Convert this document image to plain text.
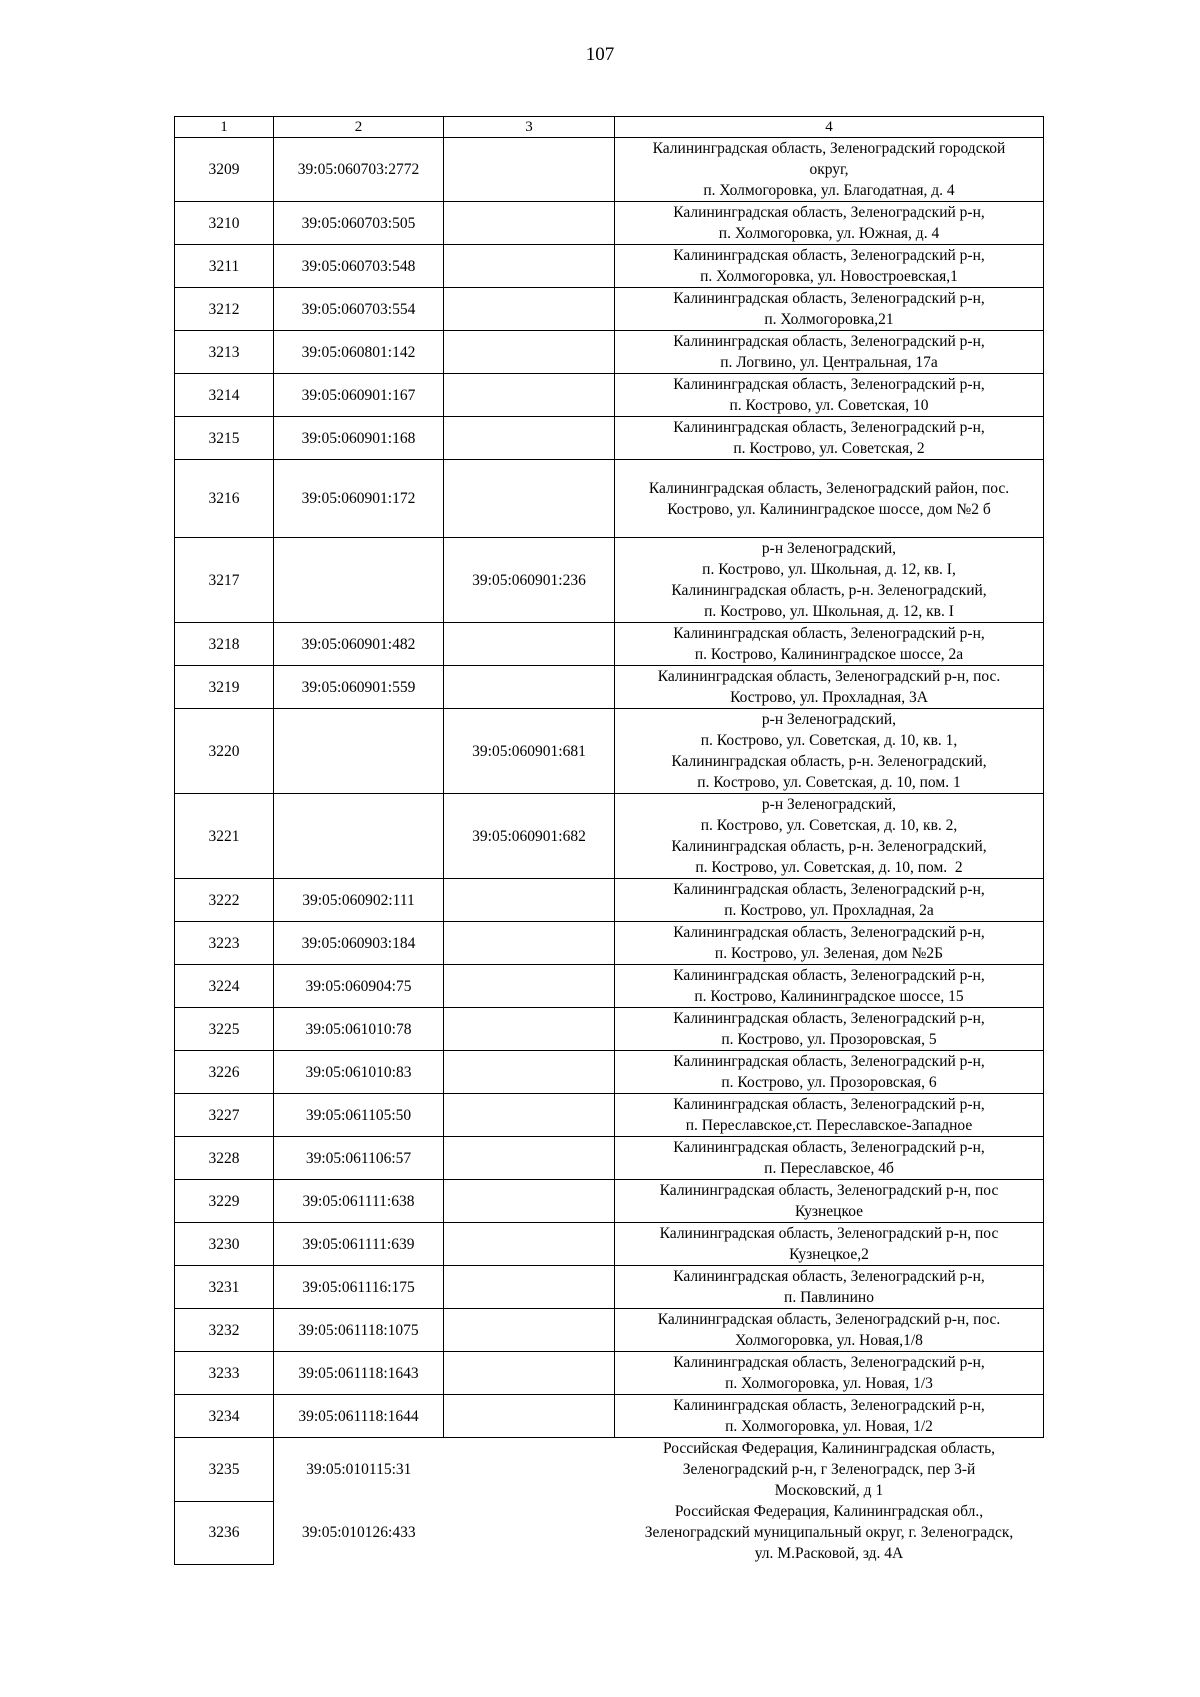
107
1	2	3	4
3209	39:05:060703:2772		Калининградская область, Зеленоградский городской
округ,
п. Холмогоровка, ул. Благодатная, д. 4

3210	39:05:060703:505		Калининградская область, Зеленоградский р-н,
п. Холмогоровка, ул. Южная, д. 4

3211	39:05:060703:548		Калининградская область, Зеленоградский р-н,
п. Холмогоровка, ул. Новостроевская,1

3212	39:05:060703:554		Калининградская область, Зеленоградский р-н,
п. Холмогоровка,21

3213	39:05:060801:142		Калининградская область, Зеленоградский р-н,
п. Логвино, ул. Центральная, 17а

3214	39:05:060901:167		Калининградская область, Зеленоградский р-н,
п. Кострово, ул. Советская, 10

3215	39:05:060901:168		Калининградская область, Зеленоградский р-н,
п. Кострово, ул. Советская, 2

3216	39:05:060901:172		Калининградская область, Зеленоградский район, пос.
Кострово, ул. Калининградское шоссе, дом №2 б

3217		39:05:060901:236	р-н Зеленоградский,
п. Кострово, ул. Школьная, д. 12, кв. I,
Калининградская область, р-н. Зеленоградский,
п. Кострово, ул. Школьная, д. 12, кв. I

3218	39:05:060901:482		Калининградская область, Зеленоградский р-н,
п. Кострово, Калининградское шоссе, 2а

3219	39:05:060901:559		Калининградская область, Зеленоградский р-н, пос.
Кострово, ул. Прохладная, 3А

3220		39:05:060901:681	р-н Зеленоградский,
п. Кострово, ул. Советская, д. 10, кв. 1,
Калининградская область, р-н. Зеленоградский,
п. Кострово, ул. Советская, д. 10, пом. 1

3221		39:05:060901:682	р-н Зеленоградский,
п. Кострово, ул. Советская, д. 10, кв. 2,
Калининградская область, р-н. Зеленоградский,
п. Кострово, ул. Советская, д. 10, пом.  2

3222	39:05:060902:111		Калининградская область, Зеленоградский р-н,
п. Кострово, ул. Прохладная, 2а

3223	39:05:060903:184		Калининградская область, Зеленоградский р-н,
п. Кострово, ул. Зеленая, дом №2Б

3224	39:05:060904:75		Калининградская область, Зеленоградский р-н,
п. Кострово, Калининградское шоссе, 15

3225	39:05:061010:78		Калининградская область, Зеленоградский р-н,
п. Кострово, ул. Прозоровская, 5

3226	39:05:061010:83		Калининградская область, Зеленоградский р-н,
п. Кострово, ул. Прозоровская, 6

3227	39:05:061105:50		Калининградская область, Зеленоградский р-н,
п. Переславское,ст. Переславское-Западное

3228	39:05:061106:57		Калининградская область, Зеленоградский р-н,
п. Переславское, 4б

3229	39:05:061111:638		Калининградская область, Зеленоградский р-н, пос
Кузнецкое

3230	39:05:061111:639		Калининградская область, Зеленоградский р-н, пос
Кузнецкое,2

3231	39:05:061116:175		Калининградская область, Зеленоградский р-н,
п. Павлинино

3232	39:05:061118:1075		Калининградская область, Зеленоградский р-н, пос.
Холмогоровка, ул. Новая,1/8

3233	39:05:061118:1643		Калининградская область, Зеленоградский р-н,
п. Холмогоровка, ул. Новая, 1/3

3234	39:05:061118:1644		Калининградская область, Зеленоградский р-н,
п. Холмогоровка, ул. Новая, 1/2

3235	39:05:010115:31		Российская Федерация, Калининградская область,
Зеленоградский р-н, г Зеленоградск, пер 3-й
Московский, д 1

3236	39:05:010126:433		Российская Федерация, Калининградская обл.,
Зеленоградский муниципальный округ, г. Зеленоградск,
ул. М.Расковой, зд. 4А
